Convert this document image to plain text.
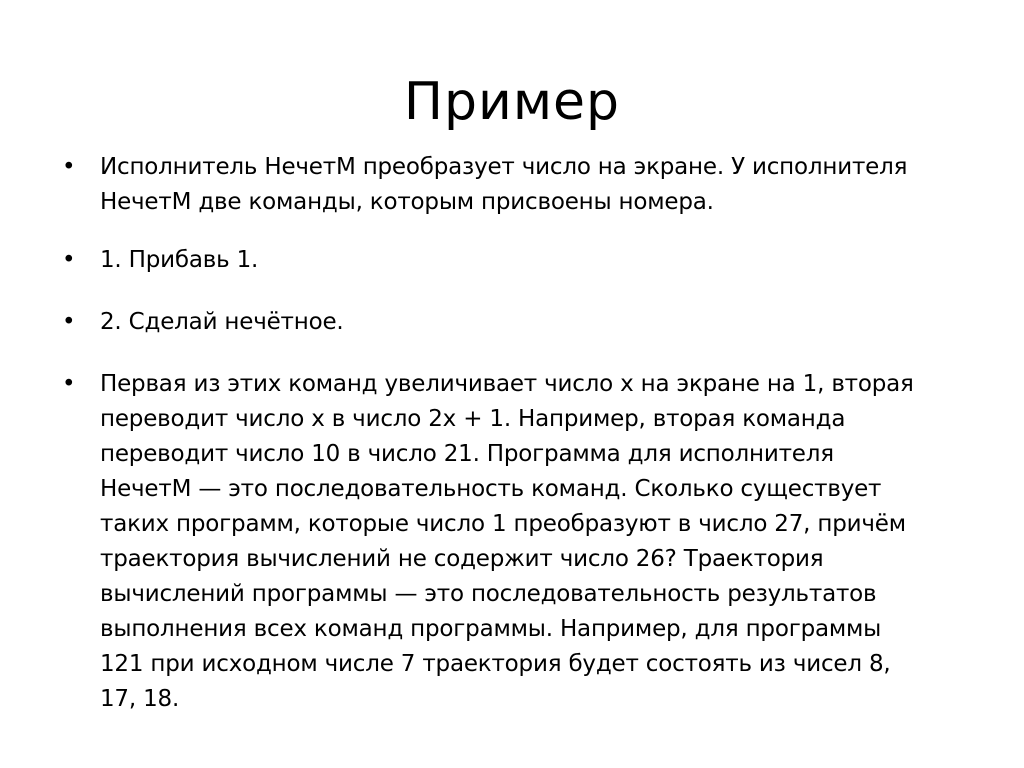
Пример
• Исполнитель НечетМ преобразует число на экране. У исполнителя
НечетМ две команды, которым присвоены номера.
• 1. Прибавь 1.
• 2. Сделай нечётное.
• Первая из этих команд увеличивает число x на экране на 1, вторая
переводит число x в число 2x + 1. Например, вторая команда
переводит число 10 в число 21. Программа для исполнителя
НечетМ — это последовательность команд. Сколько существует
таких программ, которые число 1 преобразуют в число 27, причём
траектория вычислений не содержит число 26? Траектория
вычислений программы — это последовательность результатов
выполнения всех команд программы. Например, для программы
121 при исходном числе 7 траектория будет состоять из чисел 8,
17, 18.
